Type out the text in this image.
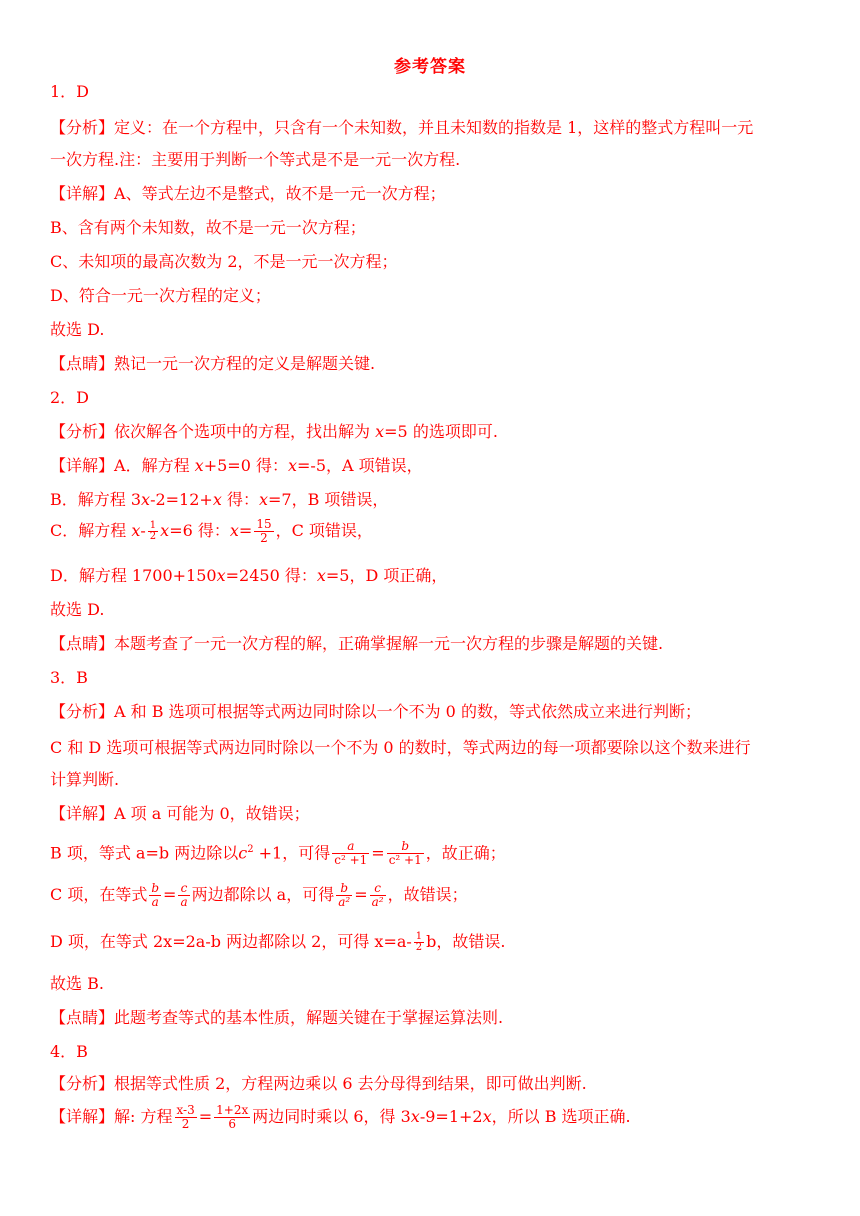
参考答案
1．D
【分析】定义：在一个方程中，只含有一个未知数，并且未知数的指数是 1，这样的整式方程叫一元
一次方程.注：主要用于判断一个等式是不是一元一次方程.
【详解】A、等式左边不是整式，故不是一元一次方程；
B、含有两个未知数，故不是一元一次方程；
C、未知项的最高次数为 2，不是一元一次方程；
D、符合一元一次方程的定义；
故选 D.
【点睛】熟记一元一次方程的定义是解题关键.
2．D
【分析】依次解各个选项中的方程，找出解为 x=5 的选项即可.
【详解】A．解方程 x+5=0 得：x=-5，A 项错误，
B．解方程 3x-2=12+x 得：x=7，B 项错误，
C．解方程 $x- \frac{1}{2} x=6$ 得：$x= \frac{15}{2}$ ，C 项错误，
D．解方程 1700+150x=2450 得：x=5，D 项正确，
故选 D.
【点睛】本题考查了一元一次方程的解，正确掌握解一元一次方程的步骤是解题的关键.
3．B
【分析】A 和 B 选项可根据等式两边同时除以一个不为 0 的数，等式依然成立来进行判断；
C 和 D 选项可根据等式两边同时除以一个不为 0 的数时，等式两边的每一项都要除以这个数来进行
计算判断.
【详解】A 项 a 可能为 0，故错误；
B 项，等式 a=b 两边除以$c^2 +1$，可得 $\frac{a}{\text{c² +1}} = \frac{b}{\text{c² +1}}$ ，故正确；
C 项，在等式 $\frac{b}{a} = \frac{c}{a}$ 两边都除以 a，可得 $\frac{b}{\text{a²}} = \frac{c}{\text{a²}}$ ，故错误；
D 项，在等式 2x=2a-b 两边都除以 2，可得 $x=a- \frac{1}{2}$ b，故错误.
故选 B.
【点睛】此题考查等式的基本性质，解题关键在于掌握运算法则.
4．B
【分析】根据等式性质 2，方程两边乘以 6 去分母得到结果，即可做出判断.
【详解】解: 方程 $\frac{x-3}{2} = \frac{1+2x}{6}$ 两边同时乘以 6，得 3x-9=1+2x，所以 B 选项正确.
